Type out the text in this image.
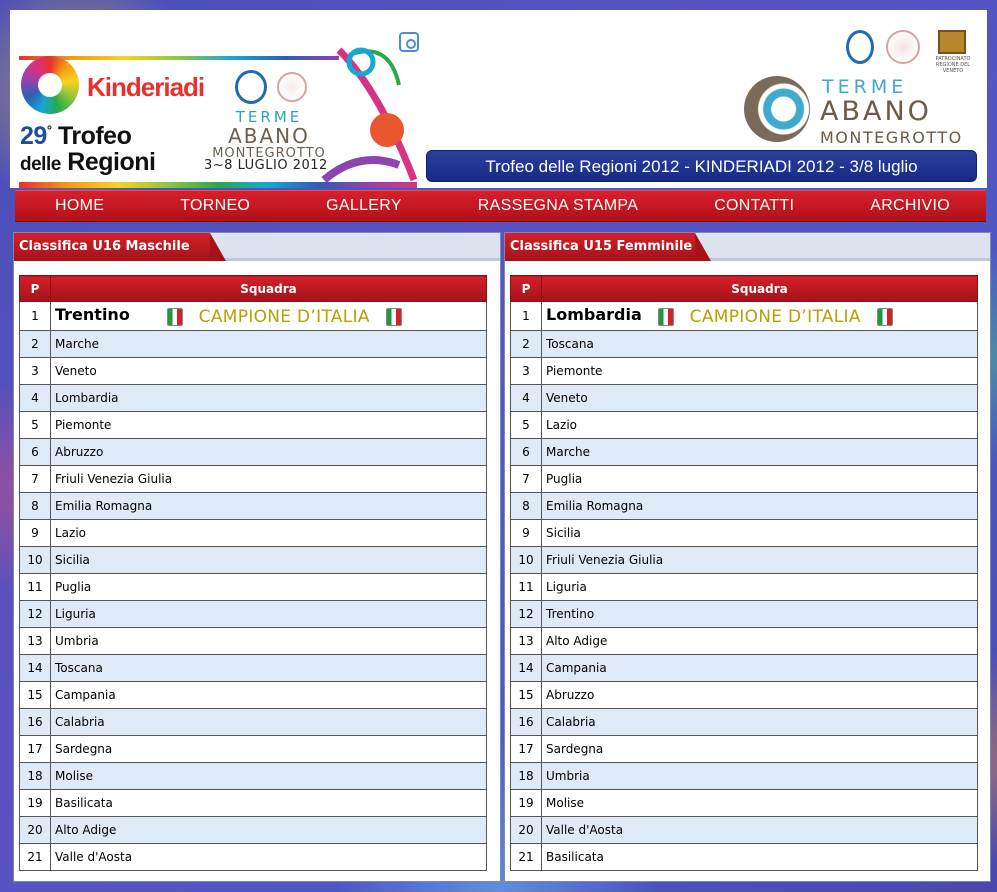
Kinderiadi
29° Trofeo
delle Regioni
TERME
ABANO
MONTEGROTTO
3~8 LUGLIO 2012
PATROCINATO REGIONE DEL VENETO
TERME
ABANO
MONTEGROTTO
Trofeo delle Regioni 2012 - KINDERIADI 2012 - 3/8 luglio
HOME	TORNEO	GALLERY	RASSEGNA STAMPA	CONTATTI	ARCHIVIO
Classifica U16 Maschile
P	Squadra
1	Trentino CAMPIONE D’ITALIA
2	Marche
3	Veneto
4	Lombardia
5	Piemonte
6	Abruzzo
7	Friuli Venezia Giulia
8	Emilia Romagna
9	Lazio
10	Sicilia
11	Puglia
12	Liguria
13	Umbria
14	Toscana
15	Campania
16	Calabria
17	Sardegna
18	Molise
19	Basilicata
20	Alto Adige
21	Valle d'Aosta
Classifica U15 Femminile
P	Squadra
1	Lombardia CAMPIONE D’ITALIA
2	Toscana
3	Piemonte
4	Veneto
5	Lazio
6	Marche
7	Puglia
8	Emilia Romagna
9	Sicilia
10	Friuli Venezia Giulia
11	Liguria
12	Trentino
13	Alto Adige
14	Campania
15	Abruzzo
16	Calabria
17	Sardegna
18	Umbria
19	Molise
20	Valle d'Aosta
21	Basilicata
